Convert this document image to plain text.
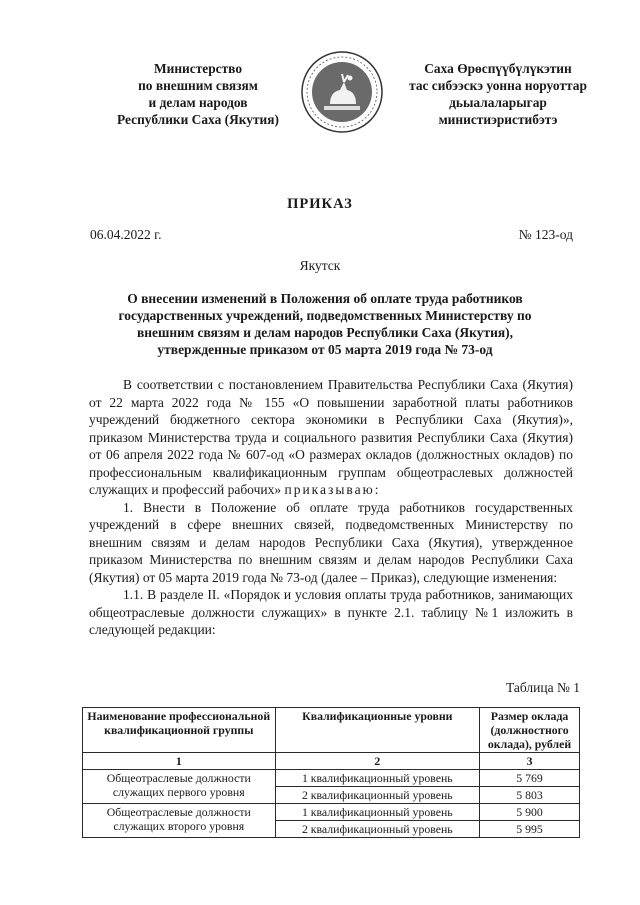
Министерство
по внешним связям
и делам народов
Республики Саха (Якутия)
Саха Өрөспүүбүлүкэтин
тас сибээскэ уонна норуоттар
дьыалаларыгар
министиэристибэтэ
ПРИКАЗ
06.04.2022 г.	№ 123-од
Якутск
О внесении изменений в Положения об оплате труда работников
государственных учреждений, подведомственных Министерству по
внешним связям и делам народов Республики Саха (Якутия),
утвержденные приказом от 05 марта 2019 года № 73-од

В соответствии с постановлением Правительства Республики Саха (Якутия) от 22 марта 2022 года № 155 «О повышении заработной платы работников учреждений бюджетного сектора экономики в Республики Саха (Якутия)», приказом Министерства труда и социального развития Республики Саха (Якутия) от 06 апреля 2022 года № 607-од «О размерах окладов (должностных окладов) по профессиональным квалификационным группам общеотраслевых должностей служащих и профессий рабочих» приказываю:

1. Внести в Положение об оплате труда работников государственных учреждений в сфере внешних связей, подведомственных Министерству по внешним связям и делам народов Республики Саха (Якутия), утвержденное приказом Министерства по внешним связям и делам народов Республики Саха (Якутия) от 05 марта 2019 года № 73-од (далее – Приказ), следующие изменения:

1.1. В разделе II. «Порядок и условия оплаты труда работников, занимающих общеотраслевые должности служащих» в пункте 2.1. таблицу №1 изложить в следующей редакции:

Таблица № 1
Наименование профессиональной квалификационной группы	Квалификационные уровни	Размер оклада (должностного оклада), рублей
1	2	3
Общеотраслевые должности служащих первого уровня	1 квалификационный уровень	5 769
	2 квалификационный уровень	5 803
Общеотраслевые должности служащих второго уровня	1 квалификационный уровень	5 900
	2 квалификационный уровень	5 995
